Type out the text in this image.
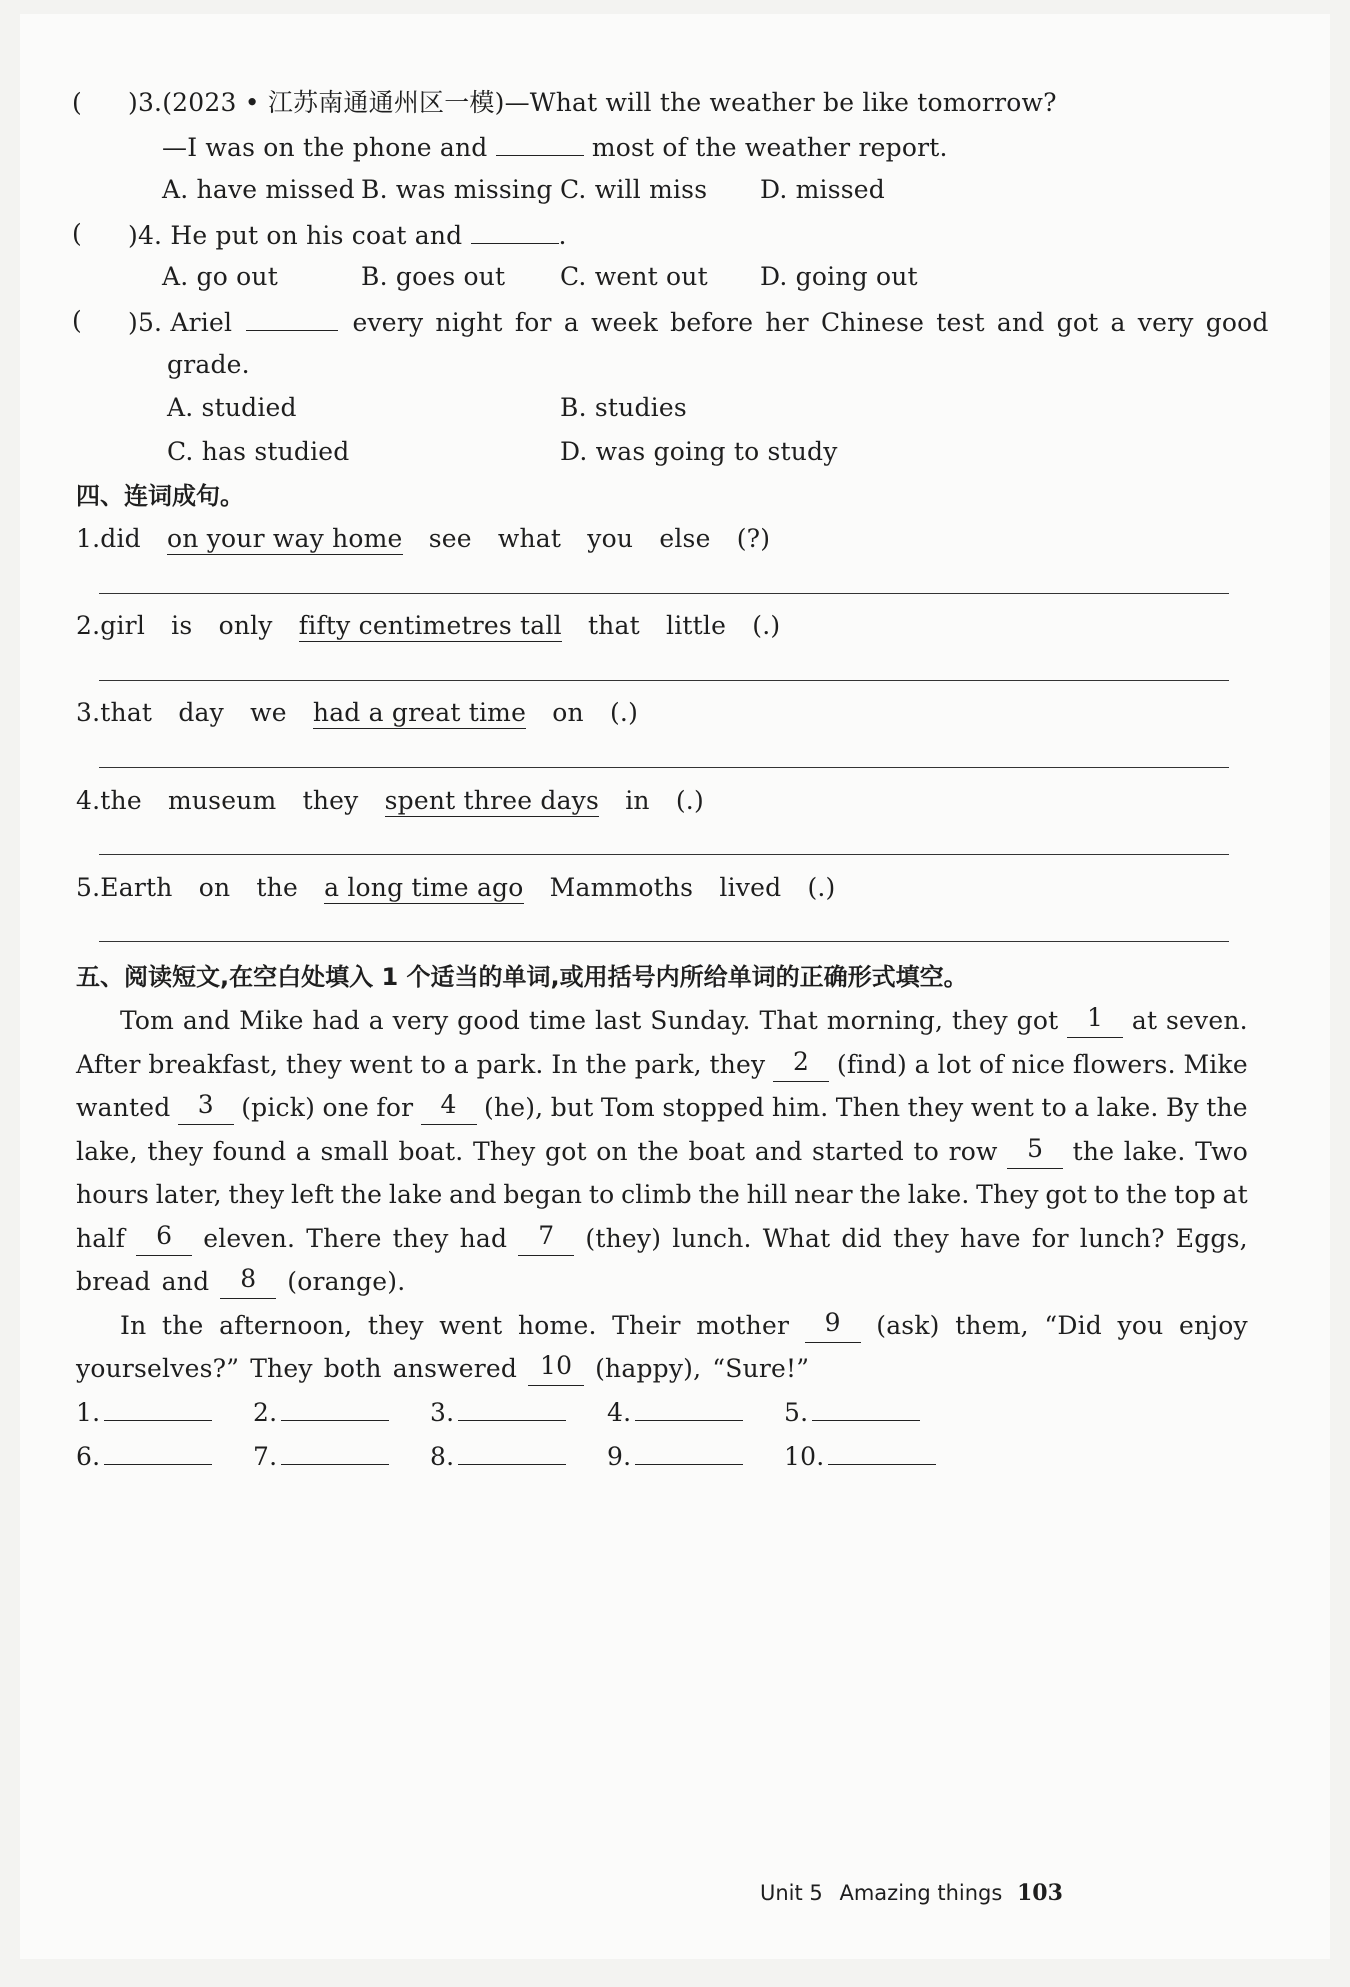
( )3.(2023 • 江苏南通通州区一模)—What will the weather be like tomorrow?
—I was on the phone and	most of the weather report.
A. have missed B. was missing C. will miss D. missed
( )4. He put on his coat and	.
A. go out	B. goes out C. went out D. going out
( )5. Ariel	every night for a week before her Chinese test and got a very good
grade.
A. studied	B. studies
C. has studied	D. was going to study
四、连词成句。
1.did on your way home see what you else (?)
2.girl is only fifty centimetres tall that little (.)
3.that day we had a great time on (.)
4.the museum they spent three days in (.)
5.Earth on the a long time ago Mammoths lived (.)
五、阅读短文,在空白处填入 1 个适当的单词,或用括号内所给单词的正确形式填空。
Tom and Mike had a very good time last Sunday. That morning, they got	1	at seven.
After breakfast, they went to a park. In the park, they	2	(find) a lot of nice flowers. Mike
wanted	3	(pick) one for	4	(he), but Tom stopped him. Then they went to a lake. By the
lake, they found a small boat. They got on the boat and started to row	5	the lake. Two
hours later, they left the lake and began to climb the hill near the lake. They got to the top at
half	6	eleven. There they had	7	(they) lunch. What did they have for lunch? Eggs,
bread and	8	(orange).
In the afternoon, they went home. Their mother	9	(ask) them, “Did you enjoy
yourselves?” They both answered 10 (happy), “Sure!”
1.	2.	3.	4.	5.
6.	7.	8.	9.	10.
Unit 5 Amazing things 103
